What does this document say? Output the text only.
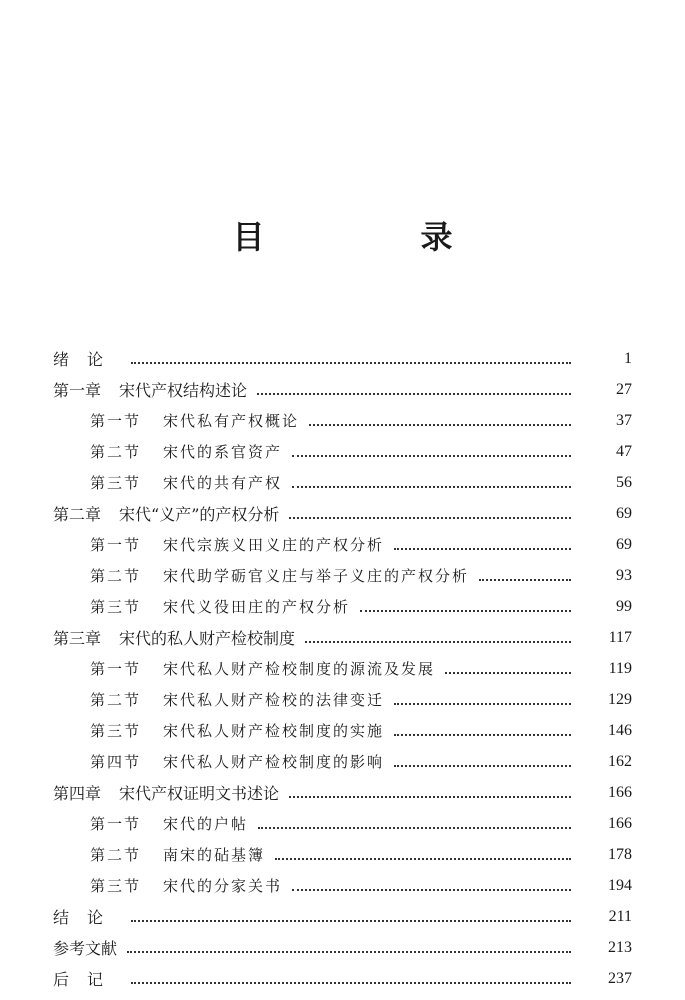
目　录
绪论	1
第一章 宋代产权结构述论	27
第一节 宋代私有产权概论	37
第二节 宋代的系官资产	47
第三节 宋代的共有产权	56
第二章 宋代“义产”的产权分析	69
第一节 宋代宗族义田义庄的产权分析	69
第二节 宋代助学砺官义庄与举子义庄的产权分析	93
第三节 宋代义役田庄的产权分析	99
第三章 宋代的私人财产检校制度	117
第一节 宋代私人财产检校制度的源流及发展	119
第二节 宋代私人财产检校的法律变迁	129
第三节 宋代私人财产检校制度的实施	146
第四节 宋代私人财产检校制度的影响	162
第四章 宋代产权证明文书述论	166
第一节 宋代的户帖	166
第二节 南宋的砧基簿	178
第三节 宋代的分家关书	194
结论	211
参考文献	213
后记	237
